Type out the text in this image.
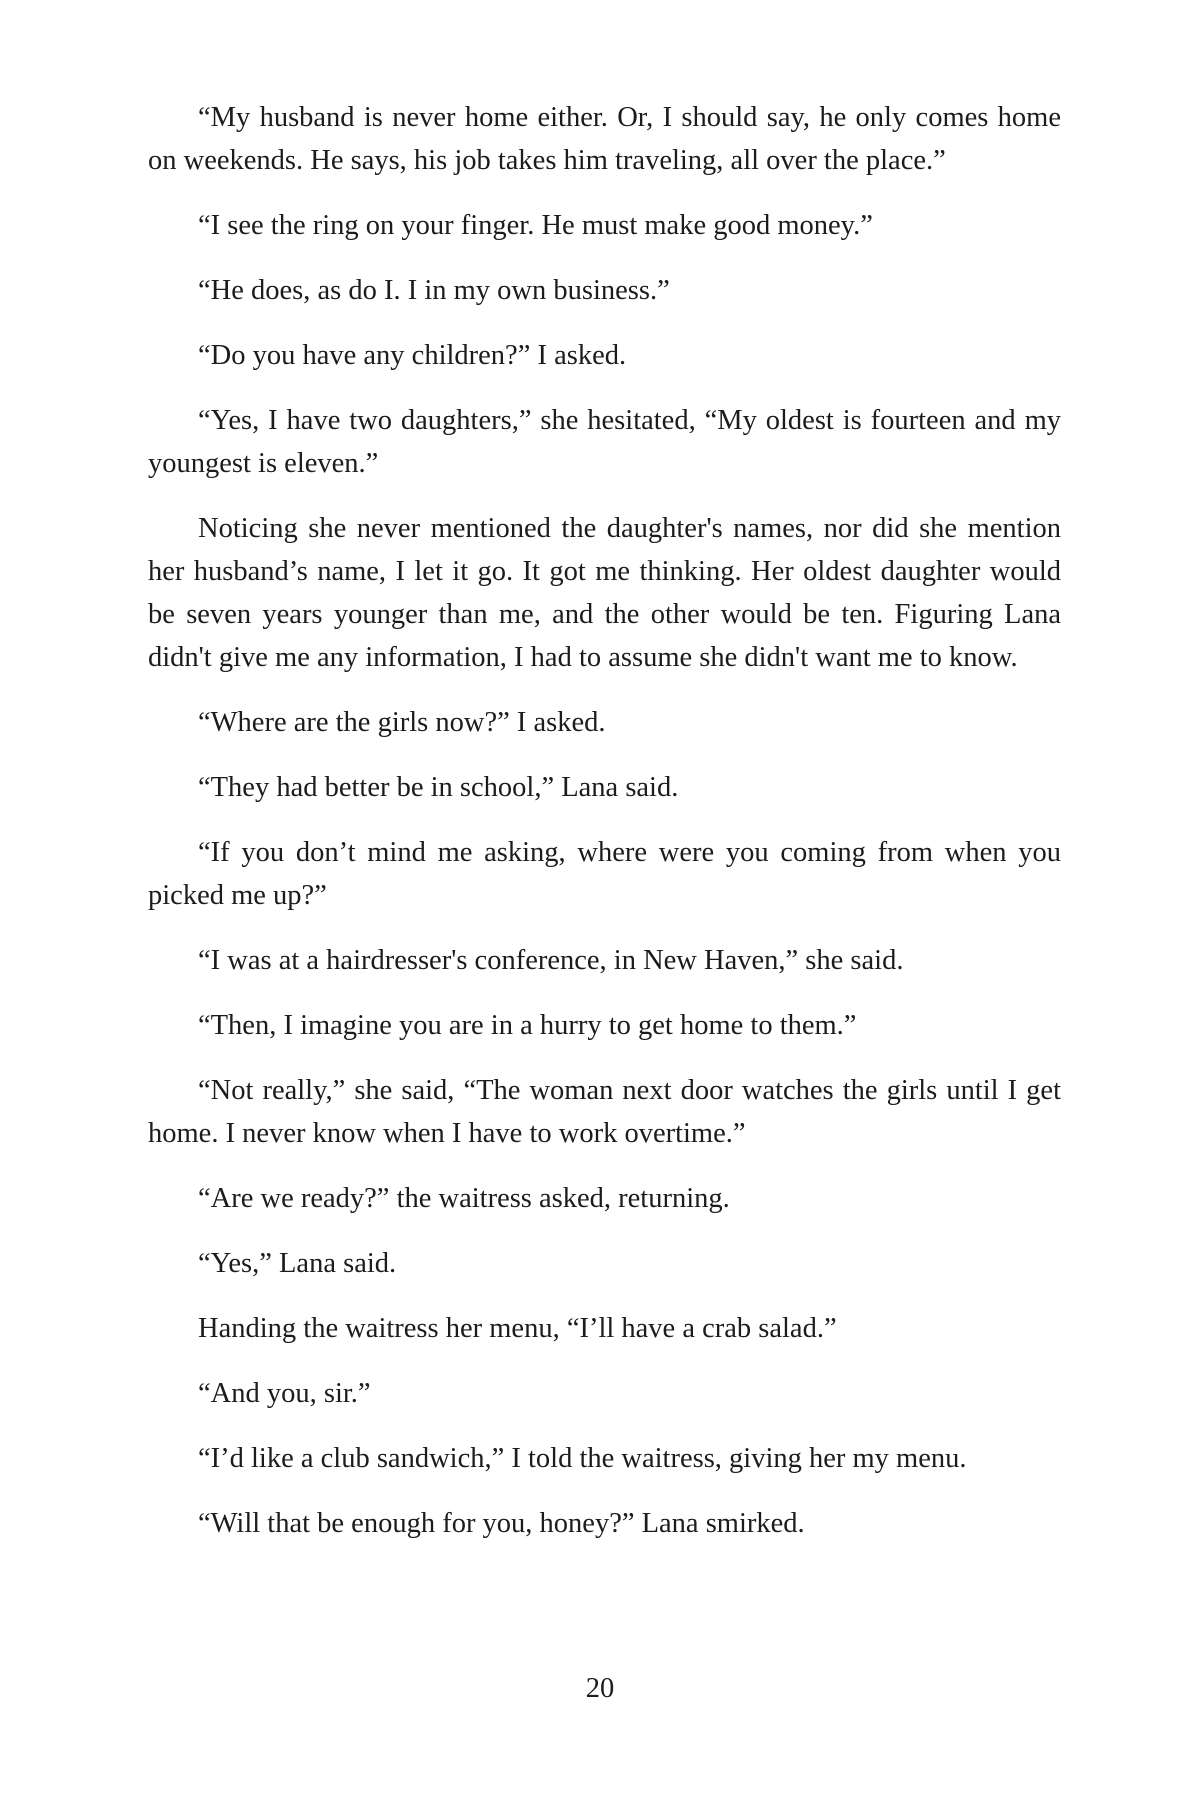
“My husband is never home either. Or, I should say, he only comes home on weekends. He says, his job takes him traveling, all over the place.”

“I see the ring on your finger. He must make good money.”

“He does, as do I. I in my own business.”

“Do you have any children?” I asked.

“Yes, I have two daughters,” she hesitated, “My oldest is fourteen and my youngest is eleven.”

Noticing she never mentioned the daughter's names, nor did she mention her husband’s name, I let it go. It got me thinking. Her oldest daughter would be seven years younger than me, and the other would be ten. Figuring Lana didn't give me any information, I had to assume she didn't want me to know.

“Where are the girls now?” I asked.

“They had better be in school,” Lana said.

“If you don’t mind me asking, where were you coming from when you picked me up?”

“I was at a hairdresser's conference, in New Haven,” she said.

“Then, I imagine you are in a hurry to get home to them.”

“Not really,” she said, “The woman next door watches the girls until I get home. I never know when I have to work overtime.”

“Are we ready?” the waitress asked, returning.

“Yes,” Lana said.

Handing the waitress her menu, “I’ll have a crab salad.”

“And you, sir.”

“I’d like a club sandwich,” I told the waitress, giving her my menu.

“Will that be enough for you, honey?” Lana smirked.

20
